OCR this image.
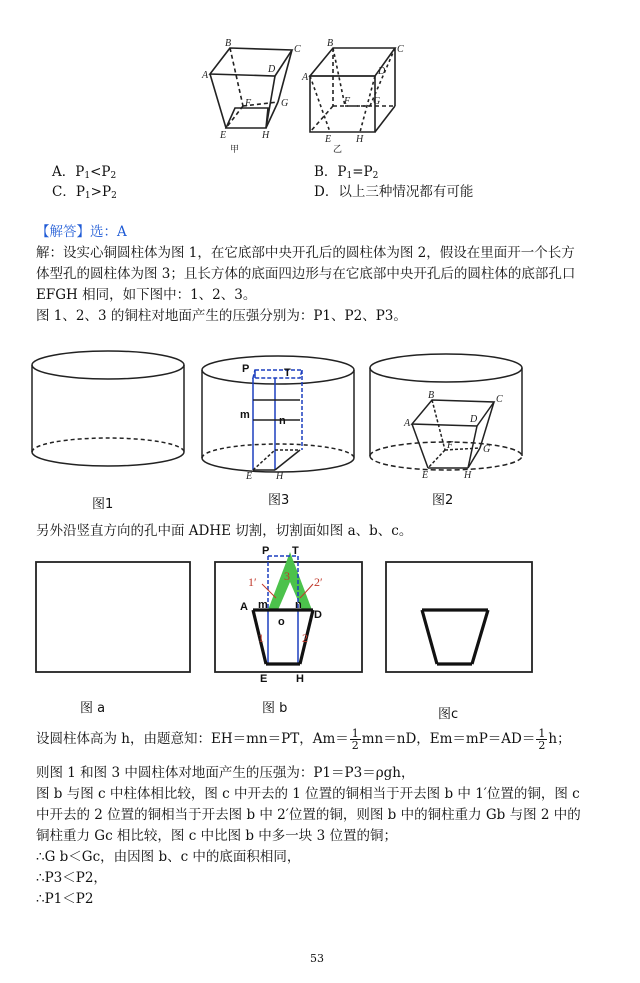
B
C
A
D
F	G
E	H
甲
B
C
A
D
F G
E H
乙
A．$P_1<P_2$	B．$P_1=P_2$
C．$P_1>P_2$	D．以上三种情况都有可能
【解答】选：A
解：设实心铜圆柱体为图 1，在它底部中央开孔后的圆柱体为图 2，假设在里面开一个长方
体型孔的圆柱体为图 3；且长方体的底面四边形与在它底部中央开孔后的圆柱体的底部孔口
EFGH 相同，如下图中：1、2、3。
图 1、2、3 的铜柱对地面产生的压强分别为：P1、P2、P3。
P	T
m	n
E H
B	C
A	D
F	G
E	H
图1	图3	图2
另外沿竖直方向的孔中面 ADHE 切割，切割面如图 a、b、c。
P T
A
D
E	H
m
o
n
3
1′	2′
1	2
图 a	图 b	图c
设圆柱体高为 h，由题意知：EH＝mn＝PT，$Am= \frac{1}{2} mn=nD$，$Em=mP=AD= \frac{1}{2}$ h；
则图 1 和图 3 中圆柱体对地面产生的压强为：P1＝P3＝ρgh，
图 b 与图 c 中柱体相比较，图 c 中开去的 1 位置的铜相当于开去图 b 中 1′位置的铜，图 c
中开去的 2 位置的铜相当于开去图 b 中 2′位置的铜，则图 b 中的铜柱重力 Gb 与图 2 中的
铜柱重力 Gc 相比较，图 c 中比图 b 中多一块 3 位置的铜；
∴G b＜Gc，由因图 b、c 中的底面积相同，
∴P3＜P2，
∴P1＜P2
53
